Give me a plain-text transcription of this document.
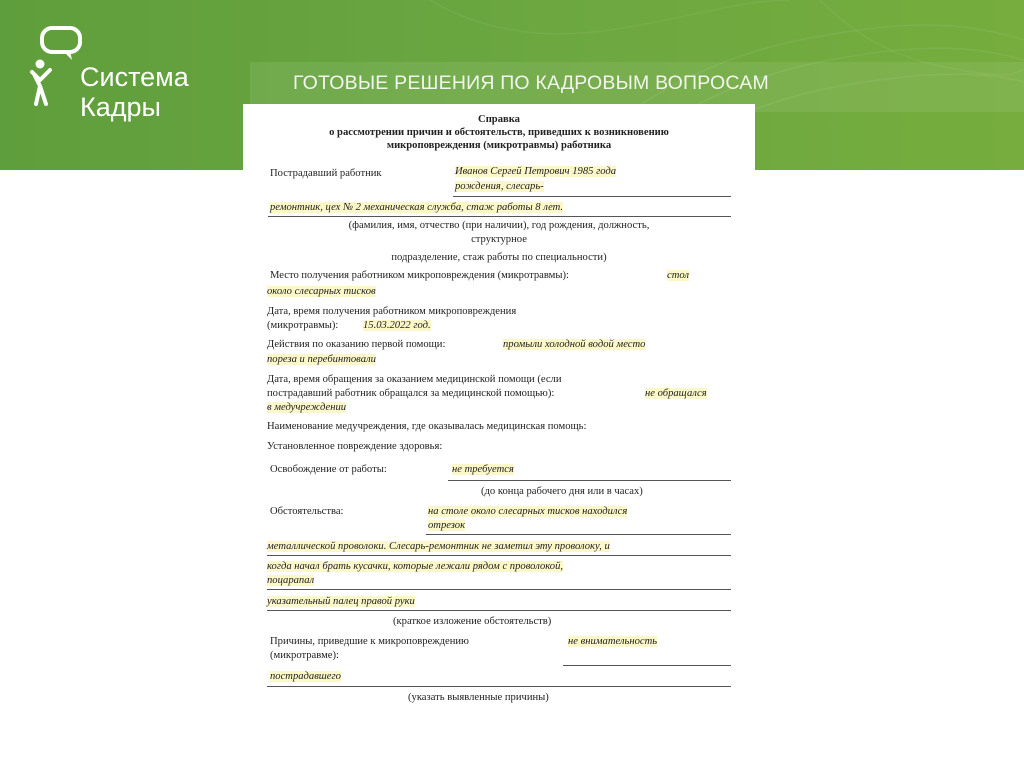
Система
Кадры
ГОТОВЫЕ РЕШЕНИЯ ПО КАДРОВЫМ ВОПРОСАМ
Справка
о рассмотрении причин и обстоятельств, приведших к возникновению
микроповреждения (микротравмы) работника
Пострадавший работник	Иванов Сергей Петрович 1985 года
рождения, слесарь-
ремонтник, цех № 2 механическая служба, стаж работы 8 лет.
(фамилия, имя, отчество (при наличии), год рождения, должность,
структурное
подразделение, стаж работы по специальности)
Место получения работником микроповреждения (микротравмы):	стол
около слесарных тисков
Дата, время получения работником микроповреждения
(микротравмы): 15.03.2022 год.
Действия по оказанию первой помощи:	промыли холодной водой место
пореза и перебинтовали
Дата, время обращения за оказанием медицинской помощи (если
пострадавший работник обращался за медицинской помощью):	не обращался
в медучреждении
Наименование медучреждения, где оказывалась медицинская помощь:
Установленное повреждение здоровья:
Освобождение от работы:	не требуется
(до конца рабочего дня или в часах)
Обстоятельства:	на столе около слесарных тисков находился
отрезок
металлической проволоки. Слесарь-ремонтник не заметил эту проволоку, и
когда начал брать кусачки, которые лежали рядом с проволокой,
поцарапал
указательный палец правой руки
(краткое изложение обстоятельств)
Причины, приведшие к микроповреждению
(микротравме):
не внимательность
пострадавшего
(указать выявленные причины)
